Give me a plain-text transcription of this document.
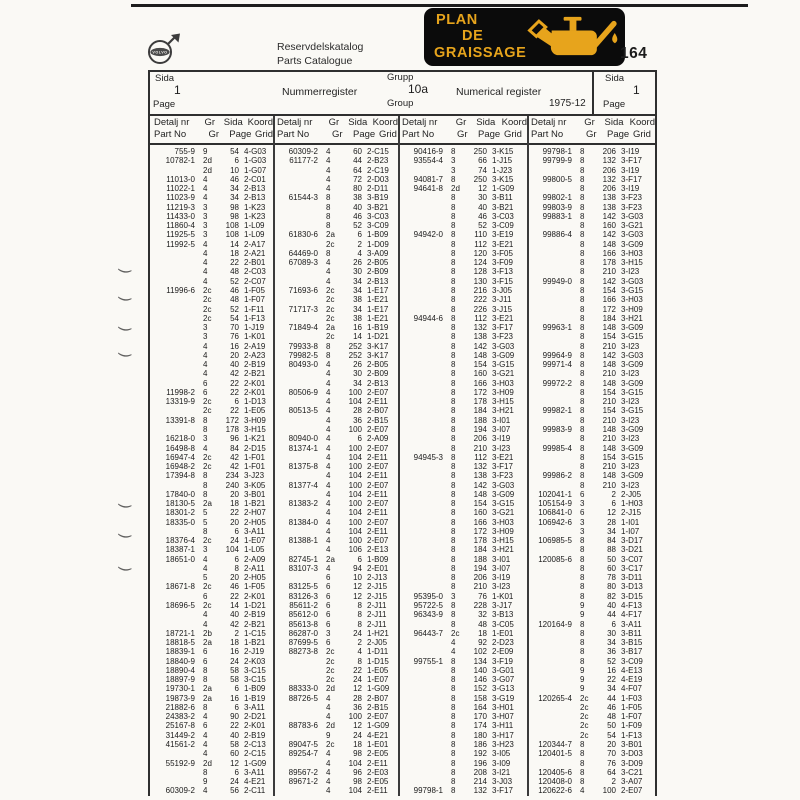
VOLVO	Reservdelskatalog
Parts Catalogue
PLAN
DE
GRAISSAGE	164
Sida
1
Page
Nummerregister
Grupp
10a
Group
Numerical register
1975-12
Sida
1
Page
Detalj nr	Gr Sida Koord
Part No	Gr	Page Grid
Detalj nr	Gr Sida Koord
Part No	Gr	Page Grid
Detalj nr	Gr	Sida Koord
Part No	Gr	Page Grid
Detalj nr	Gr	Sida Koord
Part No	Gr	Page Grid
755-9 9	54 4-G03
10782-1 2d	6 1-G03
2d	10 1-G07
11013-0 4	46 2-C01
11022-1 4	34 2-B13
11023-9 4	34 2-B13
11219-3 3	98 1-K23
11433-0 3	98 1-K23
11860-4 3	108 1-L09
11925-5 3	108 1-L09
11992-5 4	14 2-A17
4	18 2-A21
4	22 2-B01
4	48 2-C03
4	52 2-C07
11996-6 2c	46 1-F05
2c	48 1-F07
2c	52 1-F11
2c	54 1-F13
3	70 1-J19
3	76 1-K01
4	16 2-A19
4	20 2-A23
4	40 2-B19
4	42 2-B21
6	22 2-K01
11998-2 6	22 2-K01
13319-9 2c	6 1-D13
2c	22 1-E05
13391-8 8	172 3-H09
8	178 3-H15
16218-0 3	96 1-K21
16498-8 4	84 2-D15
16947-4 2c	42 1-F01
16948-2 2c	42 1-F01
17394-8 8	234 3-J23
8	240 3-K05
17840-0 8	20 3-B01
18130-5 2a	18 1-B21
18301-2 5	22 2-H07
18335-0 5	20 2-H05
8	6 3-A11
18376-4 2c	24 1-E07
18387-1 3	104 1-L05
18651-0 4	6 2-A09
4	8 2-A11
5	20 2-H05
18671-8 2c	46 1-F05
6	22 2-K01
18696-5 2c	14 1-D21
4	40 2-B19
4	42 2-B21
18721-1 2b	2 1-C15
18818-5 2a	18 1-B21
18839-1 6	16 2-J19
18840-9 6	24 2-K03
18890-4 8	58 3-C15
18897-9 8	58 3-C15
19730-1 2a	6 1-B09
19873-9 2a	16 1-B19
21882-6 8	6 3-A11
24383-2 4	90 2-D21
25167-8 6	22 2-K01
31449-2 4	40 2-B19
41561-2 4	58 2-C13
4	60 2-C15
55192-9 2d	12 1-G09
8	6 3-A11
9	24 4-E21
60309-2 4	56 2-C11
60309-2 4	60 2-C15
61177-2 4	44 2-B23
4	64 2-C19
4	72 2-D03
4	80 2-D11
61544-3 8	38 3-B19
8	40 3-B21
8	46 3-C03
8	52 3-C09
61830-6 2a	6 1-B09
2c	2 1-D09
64469-0 8	4 3-A09
67089-3 4	26 2-B05
4	30 2-B09
4	34 2-B13
71693-6 2c	34 1-E17
2c	38 1-E21
71717-3 2c	34 1-E17
2c	38 1-E21
71849-4 2a	16 1-B19
2c	14 1-D21
79933-8 8	252 3-K17
79982-5 8	252 3-K17
80493-0 4	26 2-B05
4	30 2-B09
4	34 2-B13
80506-9 4	100 2-E07
4	104 2-E11
80513-5 4	28 2-B07
4	36 2-B15
4	100 2-E07
80940-0 4	6 2-A09
81374-1 4	100 2-E07
4	104 2-E11
81375-8 4	100 2-E07
4	104 2-E11
81377-4 4	100 2-E07
4	104 2-E11
81383-2 4	100 2-E07
4	104 2-E11
81384-0 4	100 2-E07
4	104 2-E11
81388-1 4	100 2-E07
4	106 2-E13
82745-1 2a	6 1-B09
83107-3 4	94 2-E01
6	10 2-J13
83125-5 6	12 2-J15
83126-3 6	12 2-J15
85611-2 6	8 2-J11
85612-0 6	8 2-J11
85613-8 6	8 2-J11
86287-0 3	24 1-H21
87699-5 6	2 2-J05
88273-8 2c	4 1-D11
2c	8 1-D15
2c	22 1-E05
2c	24 1-E07
88333-0 2d	12 1-G09
88726-5 4	28 2-B07
4	36 2-B15
4	100 2-E07
88783-6 2d	12 1-G09
9	24 4-E21
89047-5 2c	18 1-E01
89254-7 4	98 2-E05
4	104 2-E11
89567-2 4	96 2-E03
89671-2 4	98 2-E05
4	104 2-E11
90416-9 8	250 3-K15
93554-4 3	66 1-J15
3	74 1-J23
94081-7 8	250 3-K15
94641-8 2d	12 1-G09
8	30 3-B11
8	40 3-B21
8	46 3-C03
8	52 3-C09
94942-0 8	110 3-E19
8	112 3-E21
8	120 3-F05
8	124 3-F09
8	128 3-F13
8	130 3-F15
8	216 3-J05
8	222 3-J11
8	226 3-J15
94944-6 8	112 3-E21
8	132 3-F17
8	138 3-F23
8	142 3-G03
8	148 3-G09
8	154 3-G15
8	160 3-G21
8	166 3-H03
8	172 3-H09
8	178 3-H15
8	184 3-H21
8	188 3-I01
8	194 3-I07
8	206 3-I19
8	210 3-I23
94945-3 8	112 3-E21
8	132 3-F17
8	138 3-F23
8	142 3-G03
8	148 3-G09
8	154 3-G15
8	160 3-G21
8	166 3-H03
8	172 3-H09
8	178 3-H15
8	184 3-H21
8	188 3-I01
8	194 3-I07
8	206 3-I19
8	210 3-I23
95395-0 3	76 1-K01
95722-5 8	228 3-J17
96343-9 8	32 3-B13
8	48 3-C05
96443-7 2c	18 1-E01
4	92 2-D23
4	102 2-E09
99755-1 8	134 3-F19
8	140 3-G01
8	146 3-G07
8	152 3-G13
8	158 3-G19
8	164 3-H01
8	170 3-H07
8	174 3-H11
8	180 3-H17
8	186 3-H23
8	192 3-I05
8	196 3-I09
8	208 3-I21
8	214 3-J03
99798-1 8	132 3-F17
99798-1 8	206 3-I19
99799-9 8	132 3-F17
8	206 3-I19
99800-5 8	132 3-F17
8	206 3-I19
99802-1 8	138 3-F23
99803-9 8	138 3-F23
99883-1 8	142 3-G03
8	160 3-G21
99886-4 8	142 3-G03
8	148 3-G09
8	166 3-H03
8	178 3-H15
8	210 3-I23
99949-0 8	142 3-G03
8	154 3-G15
8	166 3-H03
8	172 3-H09
8	184 3-H21
99963-1 8	148 3-G09
8	154 3-G15
8	210 3-I23
99964-9 8	142 3-G03
99971-4 8	148 3-G09
8	210 3-I23
99972-2 8	148 3-G09
8	154 3-G15
8	210 3-I23
99982-1 8	154 3-G15
8	210 3-I23
99983-9 8	148 3-G09
8	210 3-I23
99985-4 8	148 3-G09
8	154 3-G15
8	210 3-I23
99986-2 8	148 3-G09
8	210 3-I23
102041-1 6	2 2-J05
105154-9 3	6 1-H03
106841-0 6	12 2-J15
106942-6 3	28 1-I01
3	34 1-I07
106985-5 8	84 3-D17
8	88 3-D21
120085-6 8	50 3-C07
8	60 3-C17
8	78 3-D11
8	80 3-D13
8	82 3-D15
9	40 4-F13
9	44 4-F17
120164-9 8	6 3-A11
8	30 3-B11
8	34 3-B15
8	36 3-B17
8	52 3-C09
9	16 4-E13
9	22 4-E19
9	34 4-F07
120265-4 2c	44 1-F03
2c	46 1-F05
2c	48 1-F07
2c	50 1-F09
2c	54 1-F13
120344-7 8	20 3-B01
120401-5 8	70 3-D03
8	76 3-D09
120405-6 8	64 3-C21
120408-0 8	2 3-A07
120622-6 4	100 2-E07
)
)
)
)
)
)
)
